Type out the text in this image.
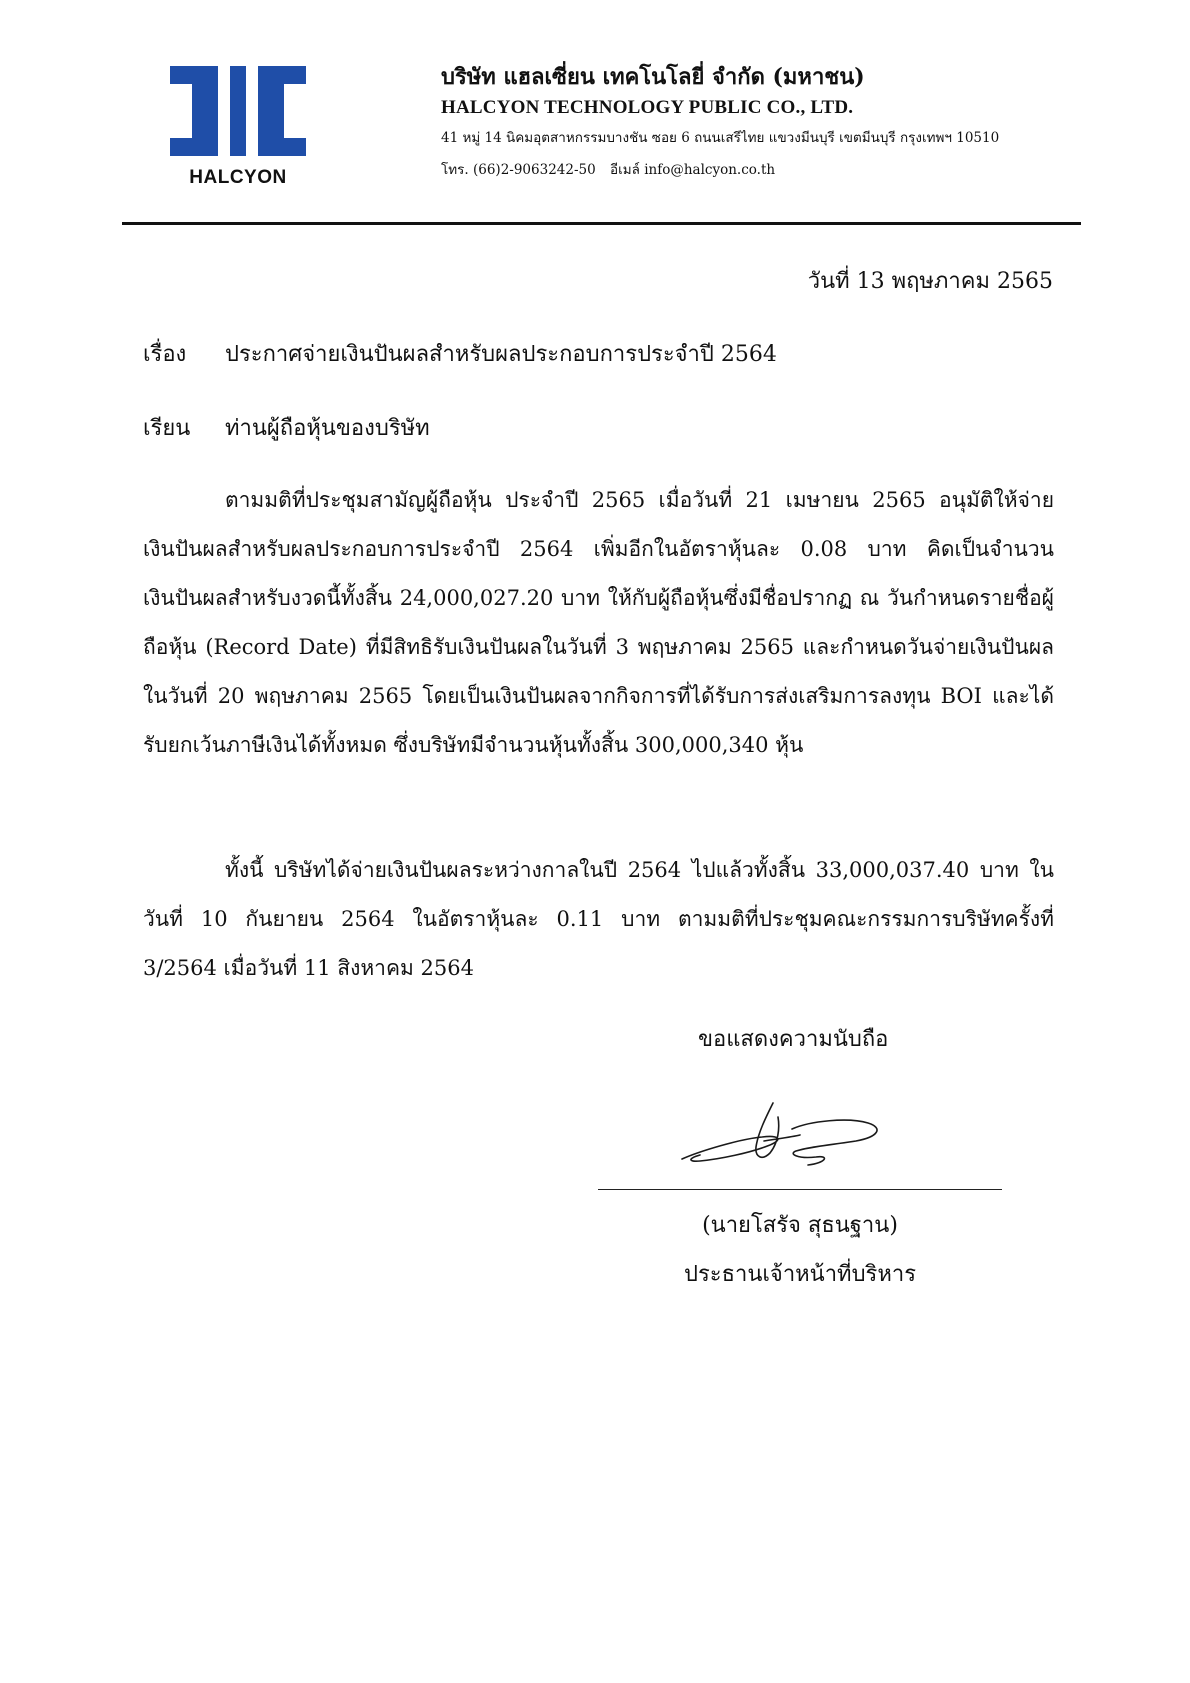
HALCYON
บริษัท แฮลเซี่ยน เทคโนโลยี่ จำกัด (มหาชน)
HALCYON TECHNOLOGY PUBLIC CO., LTD.
41 หมู่ 14 นิคมอุตสาหกรรมบางชัน ซอย 6 ถนนเสรีไทย แขวงมีนบุรี เขตมีนบุรี กรุงเทพฯ 10510
โทร. (66)2-9063242-50 อีเมล์ info@halcyon.co.th
วันที่ 13 พฤษภาคม 2565
เรื่อง ประกาศจ่ายเงินปันผลสำหรับผลประกอบการประจำปี 2564
เรียน ท่านผู้ถือหุ้นของบริษัท

ตามมติที่ประชุมสามัญผู้ถือหุ้น ประจำปี 2565 เมื่อวันที่ 21 เมษายน 2565 อนุมัติให้จ่ายเงินปันผลสำหรับผลประกอบการประจำปี 2564 เพิ่มอีกในอัตราหุ้นละ 0.08 บาท คิดเป็นจำนวนเงินปันผลสำหรับงวดนี้ทั้งสิ้น 24,000,027.20 บาท ให้กับผู้ถือหุ้นซึ่งมีชื่อปรากฏ ณ วันกำหนดรายชื่อผู้ถือหุ้น (Record Date) ที่มีสิทธิรับเงินปันผลในวันที่ 3 พฤษภาคม 2565 และกำหนดวันจ่ายเงินปันผลในวันที่ 20 พฤษภาคม 2565 โดยเป็นเงินปันผลจากกิจการที่ได้รับการส่งเสริมการลงทุน BOI และได้รับยกเว้นภาษีเงินได้ทั้งหมด ซึ่งบริษัทมีจำนวนหุ้นทั้งสิ้น 300,000,340 หุ้น

ทั้งนี้ บริษัทได้จ่ายเงินปันผลระหว่างกาลในปี 2564 ไปแล้วทั้งสิ้น 33,000,037.40 บาท ในวันที่ 10 กันยายน 2564 ในอัตราหุ้นละ 0.11 บาท ตามมติที่ประชุมคณะกรรมการบริษัทครั้งที่ 3/2564 เมื่อวันที่ 11 สิงหาคม 2564

ขอแสดงความนับถือ
(นายโสรัจ สุธนฐาน)
ประธานเจ้าหน้าที่บริหาร
